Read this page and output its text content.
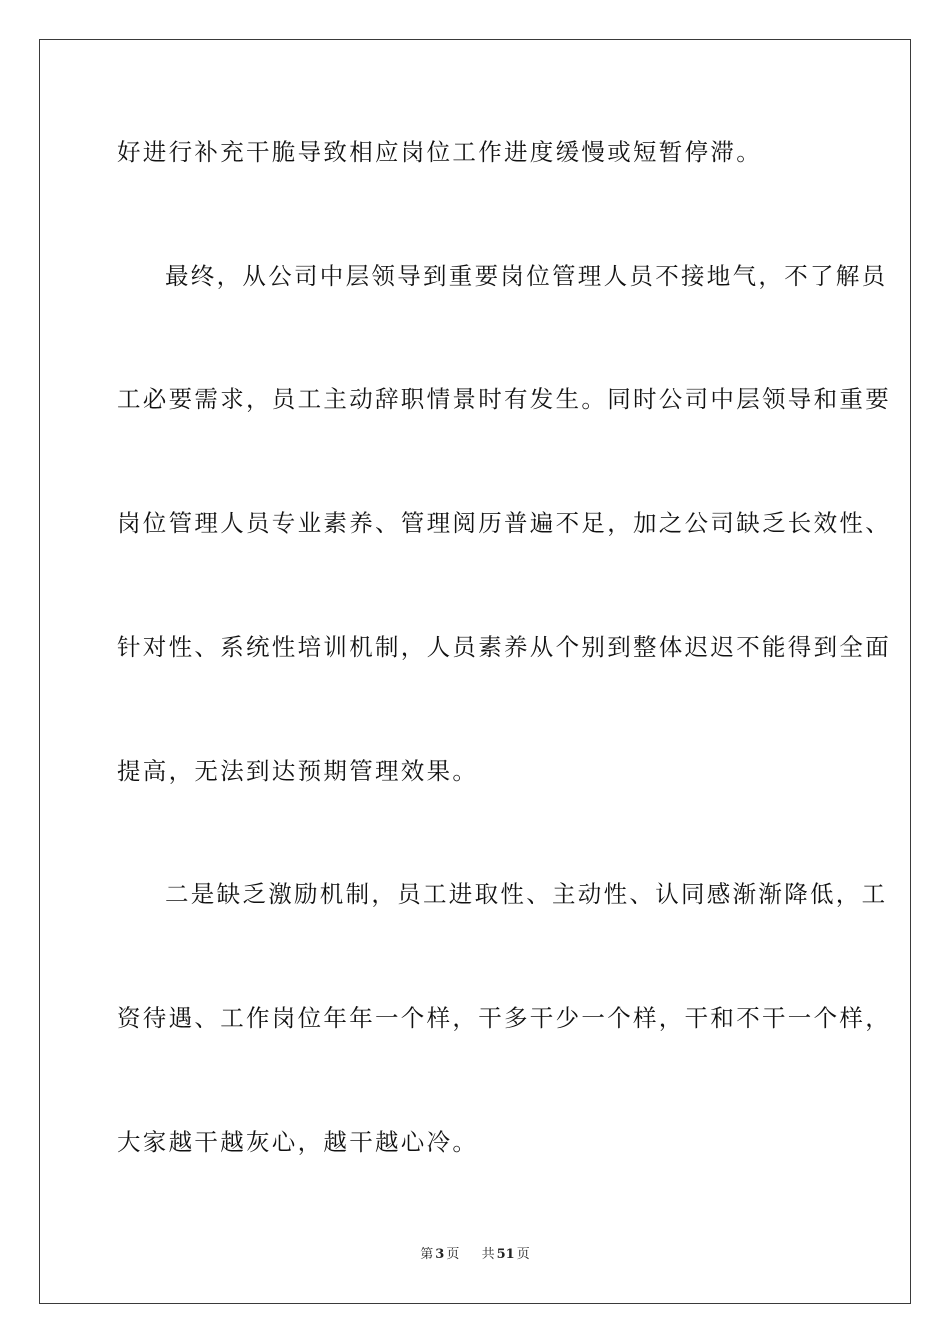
好进行补充干脆导致相应岗位工作进度缓慢或短暂停滞。
最终，从公司中层领导到重要岗位管理人员不接地气，不了解员
工必要需求，员工主动辞职情景时有发生。同时公司中层领导和重要
岗位管理人员专业素养、管理阅历普遍不足，加之公司缺乏长效性、
针对性、系统性培训机制，人员素养从个别到整体迟迟不能得到全面
提高，无法到达预期管理效果。
二是缺乏激励机制，员工进取性、主动性、认同感渐渐降低，工
资待遇、工作岗位年年一个样，干多干少一个样，干和不干一个样，
大家越干越灰心，越干越心冷。
第 3 页 共 51 页
